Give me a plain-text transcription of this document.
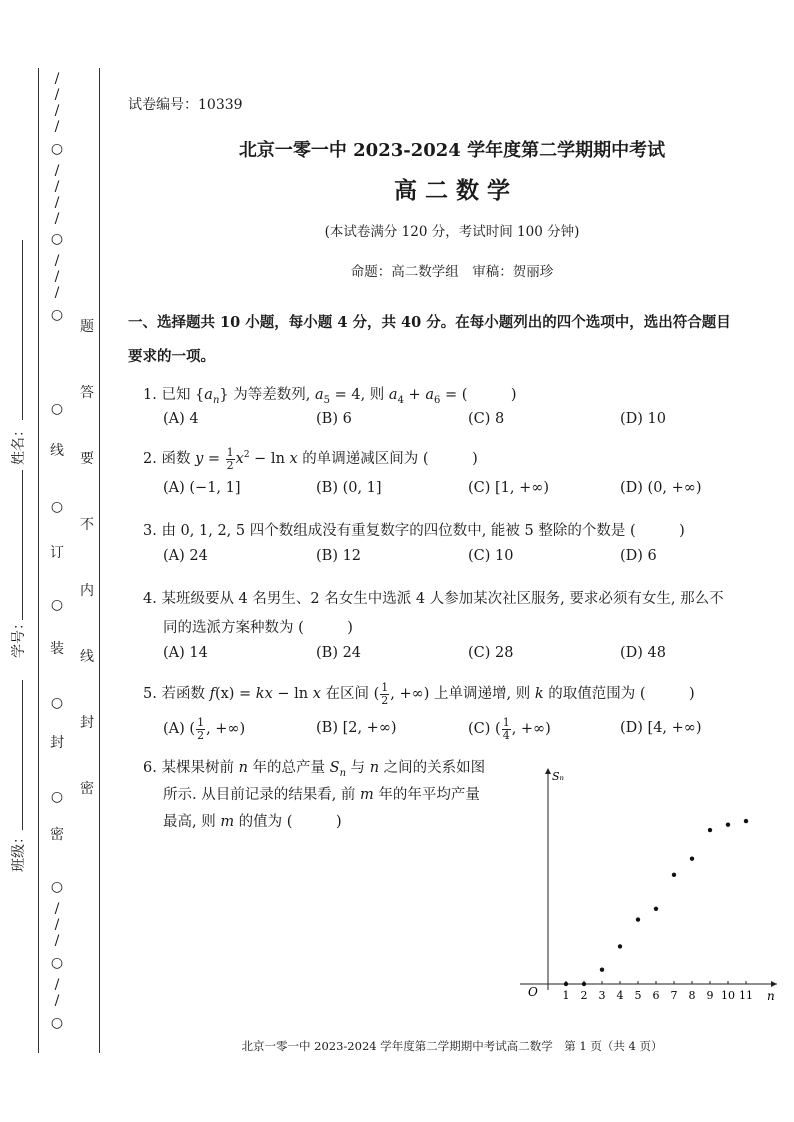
/
/
/
/
○
/
/
/
/
○
/
/
/
○
○
线
○
订
○
装
○
封
○
密
○
/
/
/
○
/
/
○
题
答
要
不
内
线
封
密
姓名：
学号：
班级：
试卷编号：10339
北京一零一中 2023-2024 学年度第二学期期中考试
高 二 数 学
(本试卷满分 120 分，考试时间 100 分钟)
命题：高二数学组　审稿：贺丽珍
一、选择题共 10 小题，每小题 4 分，共 40 分。在每小题列出的四个选项中，选出符合题目
要求的一项。
1. 已知 $\{a_n\}$ 为等差数列, $a_5 = 4$, 则 $a_4 + a_6$ = (　　　)
(A) 4	(B) 6	(C) 8	(D) 10
2. 函数 $y = \frac{1}{2} x^2 - \ln x$ 的单调递减区间为 (　　　)
(A) (−1, 1]	(B) (0, 1]	(C) [1, +∞)	(D) (0, +∞)
3. 由 0, 1, 2, 5 四个数组成没有重复数字的四位数中, 能被 5 整除的个数是 (　　　)
(A) 24	(B) 12	(C) 10	(D) 6
4. 某班级要从 4 名男生、2 名女生中选派 4 人参加某次社区服务, 要求必须有女生, 那么不
同的选派方案种数为 (　　　)
(A) 14	(B) 24	(C) 28	(D) 48
5. 若函数 f(x) = kx − ln x 在区间 ( $\frac{1}{2}$ , +∞) 上单调递增, 则 k 的取值范围为 (　　　)
(A) ( $\frac{1}{2}$ , +∞)	(B) [2, +∞)	(C) ( $\frac{1}{4}$ , +∞)	(D) [4, +∞)
6. 某棵果树前 n 年的总产量 $S_n$ 与 n 之间的关系如图
所示. 从目前记录的结果看, 前 m 年的年平均产量
最高, 则 m 的值为 (　　　)
Sₙ
n
O 1 2 3 4 5 6 7 8 9 10 11
北京一零一中 2023-2024 学年度第二学期期中考试高二数学　第 1 页（共 4 页）
